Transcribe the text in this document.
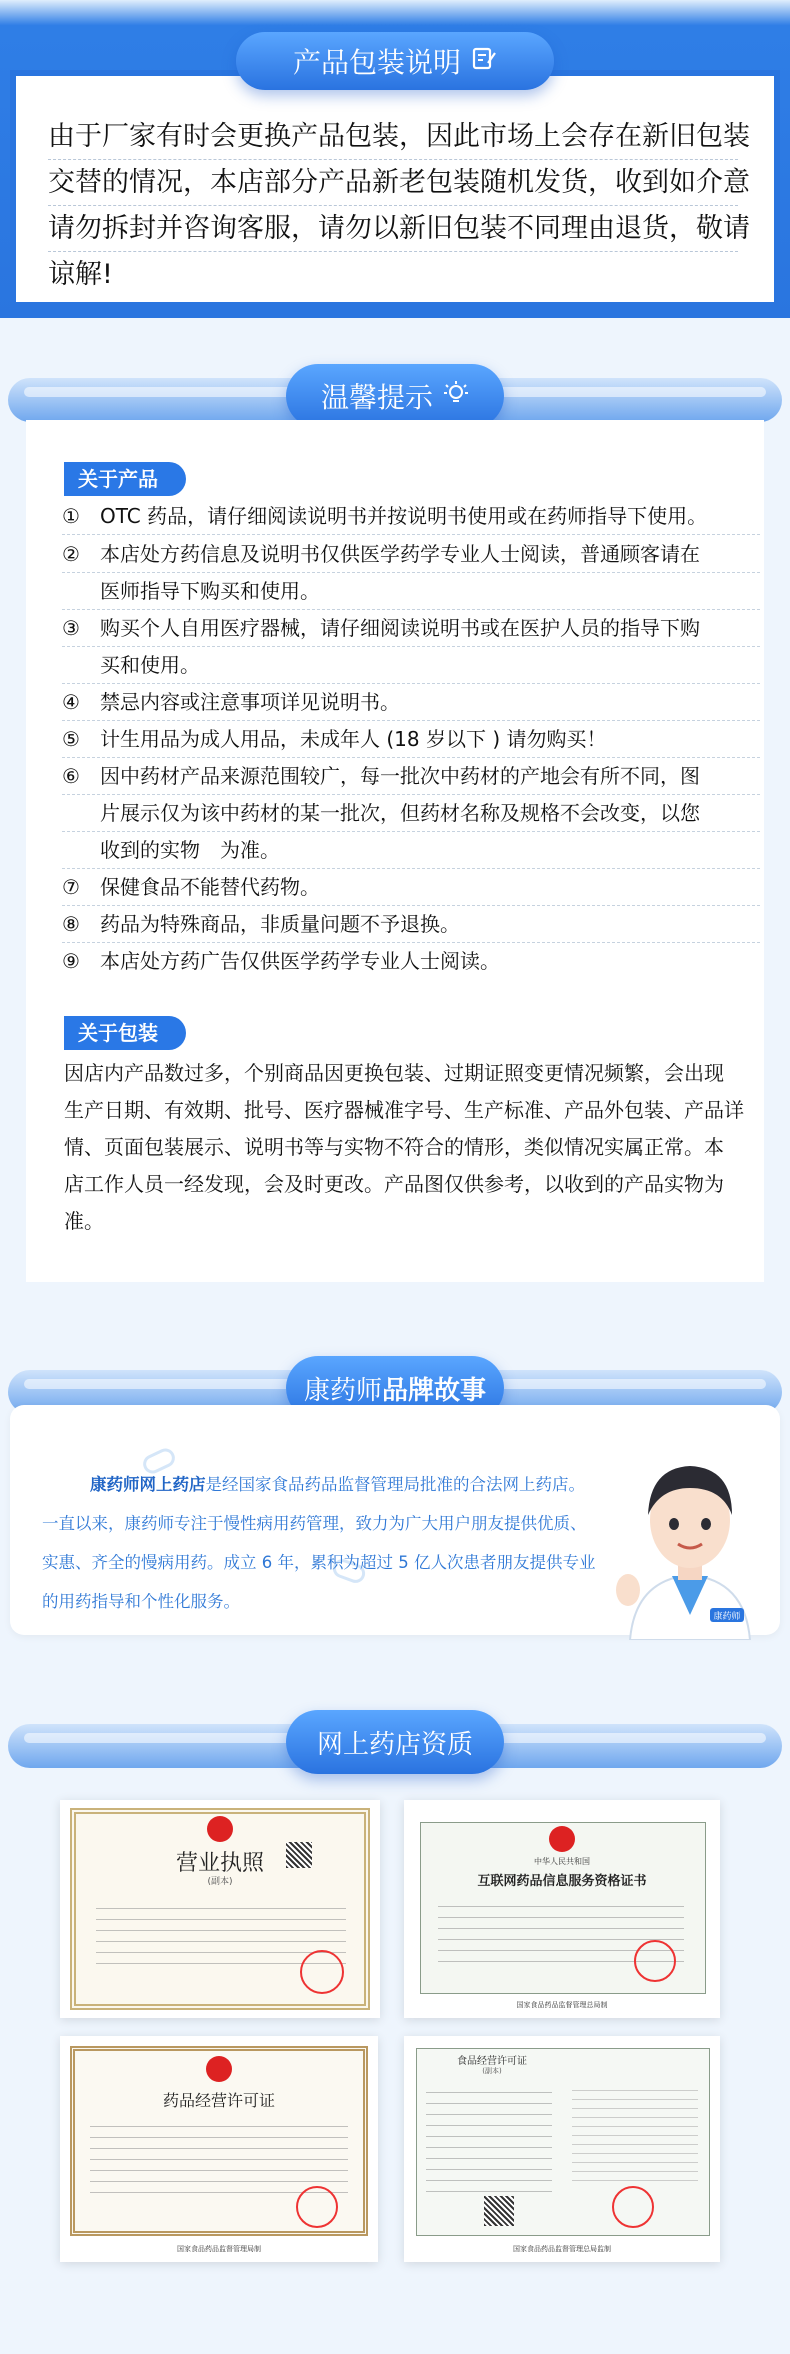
产品包装说明
由于厂家有时会更换产品包装，因此市场上会存在新旧包装
交替的情况，本店部分产品新老包装随机发货，收到如介意
请勿拆封并咨询客服，请勿以新旧包装不同理由退货，敬请
谅解!
温馨提示
关于产品
①	OTC 药品，请仔细阅读说明书并按说明书使用或在药师指导下使用。
②	本店处方药信息及说明书仅供医学药学专业人士阅读，普通顾客请在
医师指导下购买和使用。
③	购买个人自用医疗器械，请仔细阅读说明书或在医护人员的指导下购
买和使用。
④	禁忌内容或注意事项详见说明书。
⑤	计生用品为成人用品，未成年人 (18 岁以下 ) 请勿购买！
⑥	因中药材产品来源范围较广，每一批次中药材的产地会有所不同，图
片展示仅为该中药材的某一批次，但药材名称及规格不会改变，以您
收到的实物　为准。
⑦	保健食品不能替代药物。
⑧	药品为特殊商品，非质量问题不予退换。
⑨	本店处方药广告仅供医学药学专业人士阅读。
关于包装
因店内产品数过多，个别商品因更换包装、过期证照变更情况频繁，会出现
生产日期、有效期、批号、医疗器械准字号、生产标准、产品外包装、产品详
情、页面包装展示、说明书等与实物不符合的情形，类似情况实属正常。本
店工作人员一经发现，会及时更改。产品图仅供参考，以收到的产品实物为
准。
康药师 品牌故事
康药师网上药店是经国家食品药品监督管理局批准的合法网上药店。
一直以来，康药师专注于慢性病用药管理，致力为广大用户朋友提供优质、
实惠、齐全的慢病用药。成立 6 年，累积为超过 5 亿人次患者朋友提供专业
的用药指导和个性化服务。
康药师
网上药店资质
营业执照
(副本)
中华人民共和国
互联网药品信息服务资格证书
国家食品药品监督管理总局制
药品经营许可证
国家食品药品监督管理局制
食品经营许可证
(副本)
国家食品药品监督管理总局监制
